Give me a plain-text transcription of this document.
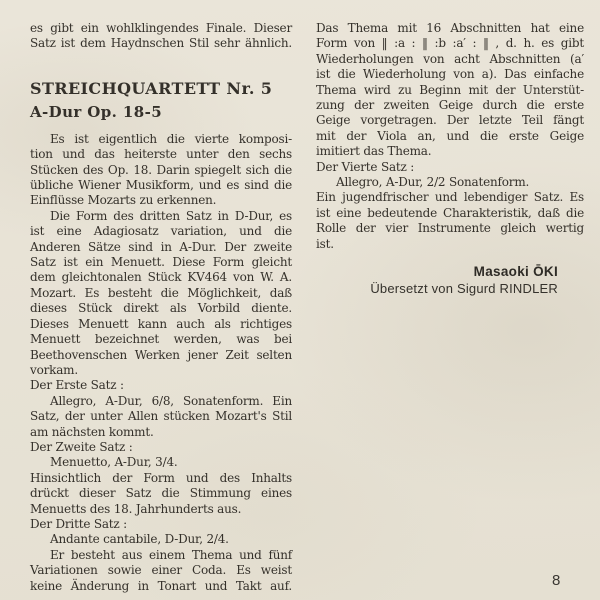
es gibt ein wohlklingendes Finale. Dieser
Satz ist dem Haydnschen Stil sehr ähnlich.
STREICHQUARTETT Nr. 5
A-Dur Op. 18-5
Es ist eigentlich die vierte komposi-
tion und das heiterste unter den sechs
Stücken des Op. 18. Darin spiegelt sich die
übliche Wiener Musikform, und es sind die
Einflüsse Mozarts zu erkennen.
Die Form des dritten Satz in D-Dur, es
ist eine Adagiosatz variation, und die
Anderen Sätze sind in A-Dur. Der zweite
Satz ist ein Menuett. Diese Form gleicht
dem gleichtonalen Stück KV464 von W. A.
Mozart. Es besteht die Möglichkeit, daß
dieses Stück direkt als Vorbild diente.
Dieses Menuett kann auch als richtiges
Menuett bezeichnet werden, was bei
Beethovenschen Werken jener Zeit selten
vorkam.
Der Erste Satz :
Allegro, A-Dur, 6/8, Sonatenform. Ein
Satz, der unter Allen stücken Mozart's Stil
am nächsten kommt.
Der Zweite Satz :
Menuetto, A-Dur, 3/4.
Hinsichtlich der Form und des Inhalts
drückt dieser Satz die Stimmung eines
Menuetts des 18. Jahrhunderts aus.
Der Dritte Satz :
Andante cantabile, D-Dur, 2/4.
Er besteht aus einem Thema und fünf
Variationen sowie einer Coda. Es weist
keine Änderung in Tonart und Takt auf.
Das Thema mit 16 Abschnitten hat eine
Form von ‖ :a : ‖ :b :a′ : ‖ , d. h. es gibt
Wiederholungen von acht Abschnitten (a′
ist die Wiederholung von a). Das einfache
Thema wird zu Beginn mit der Unterstüt-
zung der zweiten Geige durch die erste
Geige vorgetragen. Der letzte Teil fängt
mit der Viola an, und die erste Geige
imitiert das Thema.
Der Vierte Satz :
Allegro, A-Dur, 2/2 Sonatenform.
Ein jugendfrischer und lebendiger Satz. Es
ist eine bedeutende Charakteristik, daß die
Rolle der vier Instrumente gleich wertig
ist.
Masaoki ŌKI
Übersetzt von Sigurd RINDLER
8
